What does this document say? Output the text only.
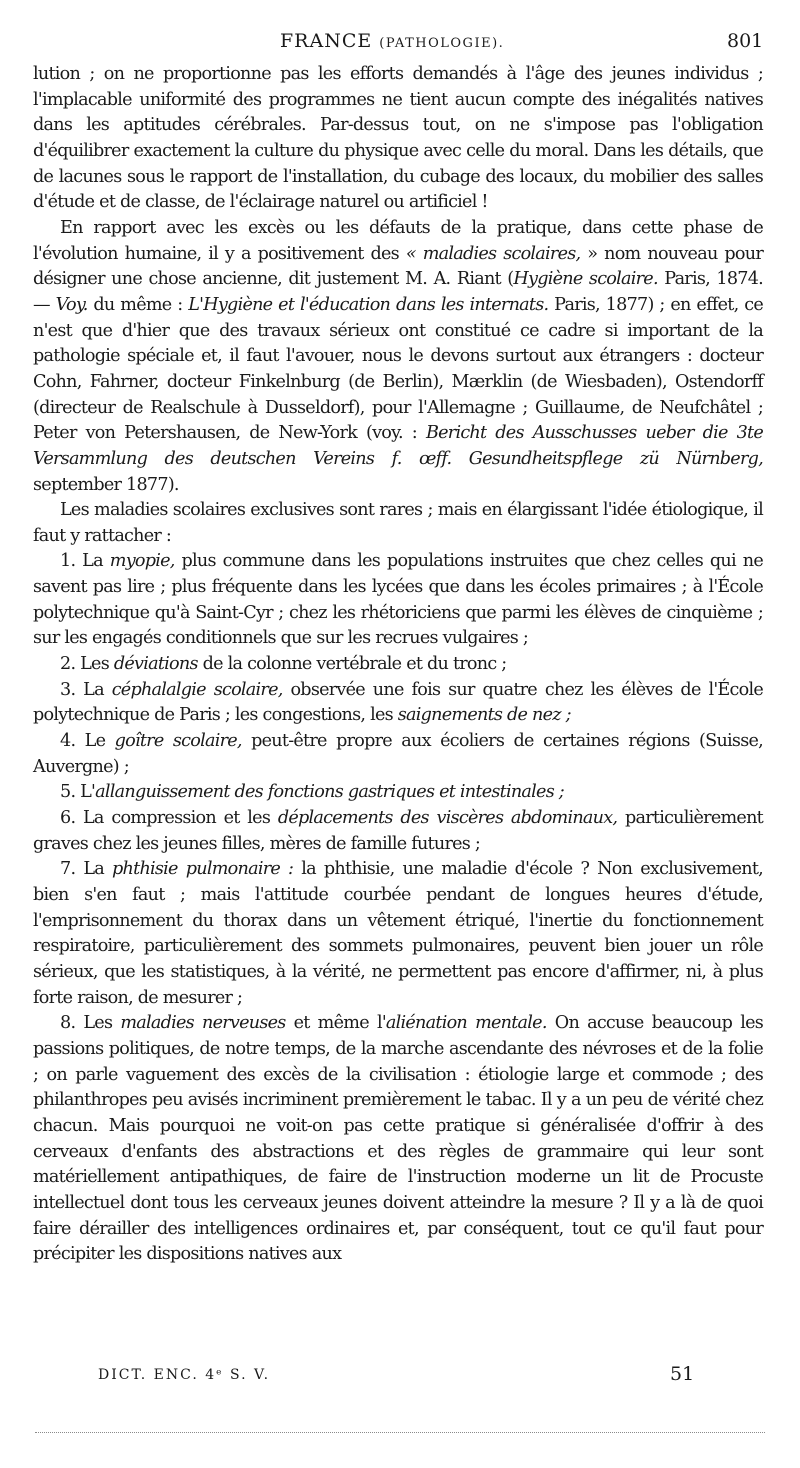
FRANCE (PATHOLOGIE).	801

lution ; on ne proportionne pas les efforts demandés à l'âge des jeunes individus ; l'implacable uniformité des programmes ne tient aucun compte des inégalités natives dans les aptitudes cérébrales. Par-dessus tout, on ne s'impose pas l'obligation d'équilibrer exactement la culture du physique avec celle du moral. Dans les détails, que de lacunes sous le rapport de l'installation, du cubage des locaux, du mobilier des salles d'étude et de classe, de l'éclairage naturel ou artificiel !

En rapport avec les excès ou les défauts de la pratique, dans cette phase de l'évolution humaine, il y a positivement des « maladies scolaires, » nom nouveau pour désigner une chose ancienne, dit justement M. A. Riant (Hygiène scolaire. Paris, 1874. — Voy. du même : L'Hygiène et l'éducation dans les internats. Paris, 1877) ; en effet, ce n'est que d'hier que des travaux sérieux ont constitué ce cadre si important de la pathologie spéciale et, il faut l'avouer, nous le devons surtout aux étrangers : docteur Cohn, Fahrner, docteur Finkelnburg (de Berlin), Mærklin (de Wiesbaden), Ostendorff (directeur de Realschule à Dusseldorf), pour l'Allemagne ; Guillaume, de Neufchâtel ; Peter von Petershausen, de New-York (voy. : Bericht des Ausschusses ueber die 3te Versammlung des deutschen Vereins f. œff. Gesundheitspflege zü Nürnberg, september 1877).

Les maladies scolaires exclusives sont rares ; mais en élargissant l'idée étiologique, il faut y rattacher :

1. La myopie, plus commune dans les populations instruites que chez celles qui ne savent pas lire ; plus fréquente dans les lycées que dans les écoles primaires ; à l'École polytechnique qu'à Saint-Cyr ; chez les rhétoriciens que parmi les élèves de cinquième ; sur les engagés conditionnels que sur les recrues vulgaires ;

2. Les déviations de la colonne vertébrale et du tronc ;

3. La céphalalgie scolaire, observée une fois sur quatre chez les élèves de l'École polytechnique de Paris ; les congestions, les saignements de nez ;

4. Le goître scolaire, peut-être propre aux écoliers de certaines régions (Suisse, Auvergne) ;

5. L'allanguissement des fonctions gastriques et intestinales ;

6. La compression et les déplacements des viscères abdominaux, particulièrement graves chez les jeunes filles, mères de famille futures ;

7. La phthisie pulmonaire : la phthisie, une maladie d'école ? Non exclusivement, bien s'en faut ; mais l'attitude courbée pendant de longues heures d'étude, l'emprisonnement du thorax dans un vêtement étriqué, l'inertie du fonctionnement respiratoire, particulièrement des sommets pulmonaires, peuvent bien jouer un rôle sérieux, que les statistiques, à la vérité, ne permettent pas encore d'affirmer, ni, à plus forte raison, de mesurer ;

8. Les maladies nerveuses et même l'aliénation mentale. On accuse beaucoup les passions politiques, de notre temps, de la marche ascendante des névroses et de la folie ; on parle vaguement des excès de la civilisation : étiologie large et commode ; des philanthropes peu avisés incriminent premièrement le tabac. Il y a un peu de vérité chez chacun. Mais pourquoi ne voit-on pas cette pratique si généralisée d'offrir à des cerveaux d'enfants des abstractions et des règles de grammaire qui leur sont matériellement antipathiques, de faire de l'instruction moderne un lit de Procuste intellectuel dont tous les cerveaux jeunes doivent atteindre la mesure ? Il y a là de quoi faire dérailler des intelligences ordinaires et, par conséquent, tout ce qu'il faut pour précipiter les dispositions natives aux

DICT. ENC. 4ᵉ S. V.	51
